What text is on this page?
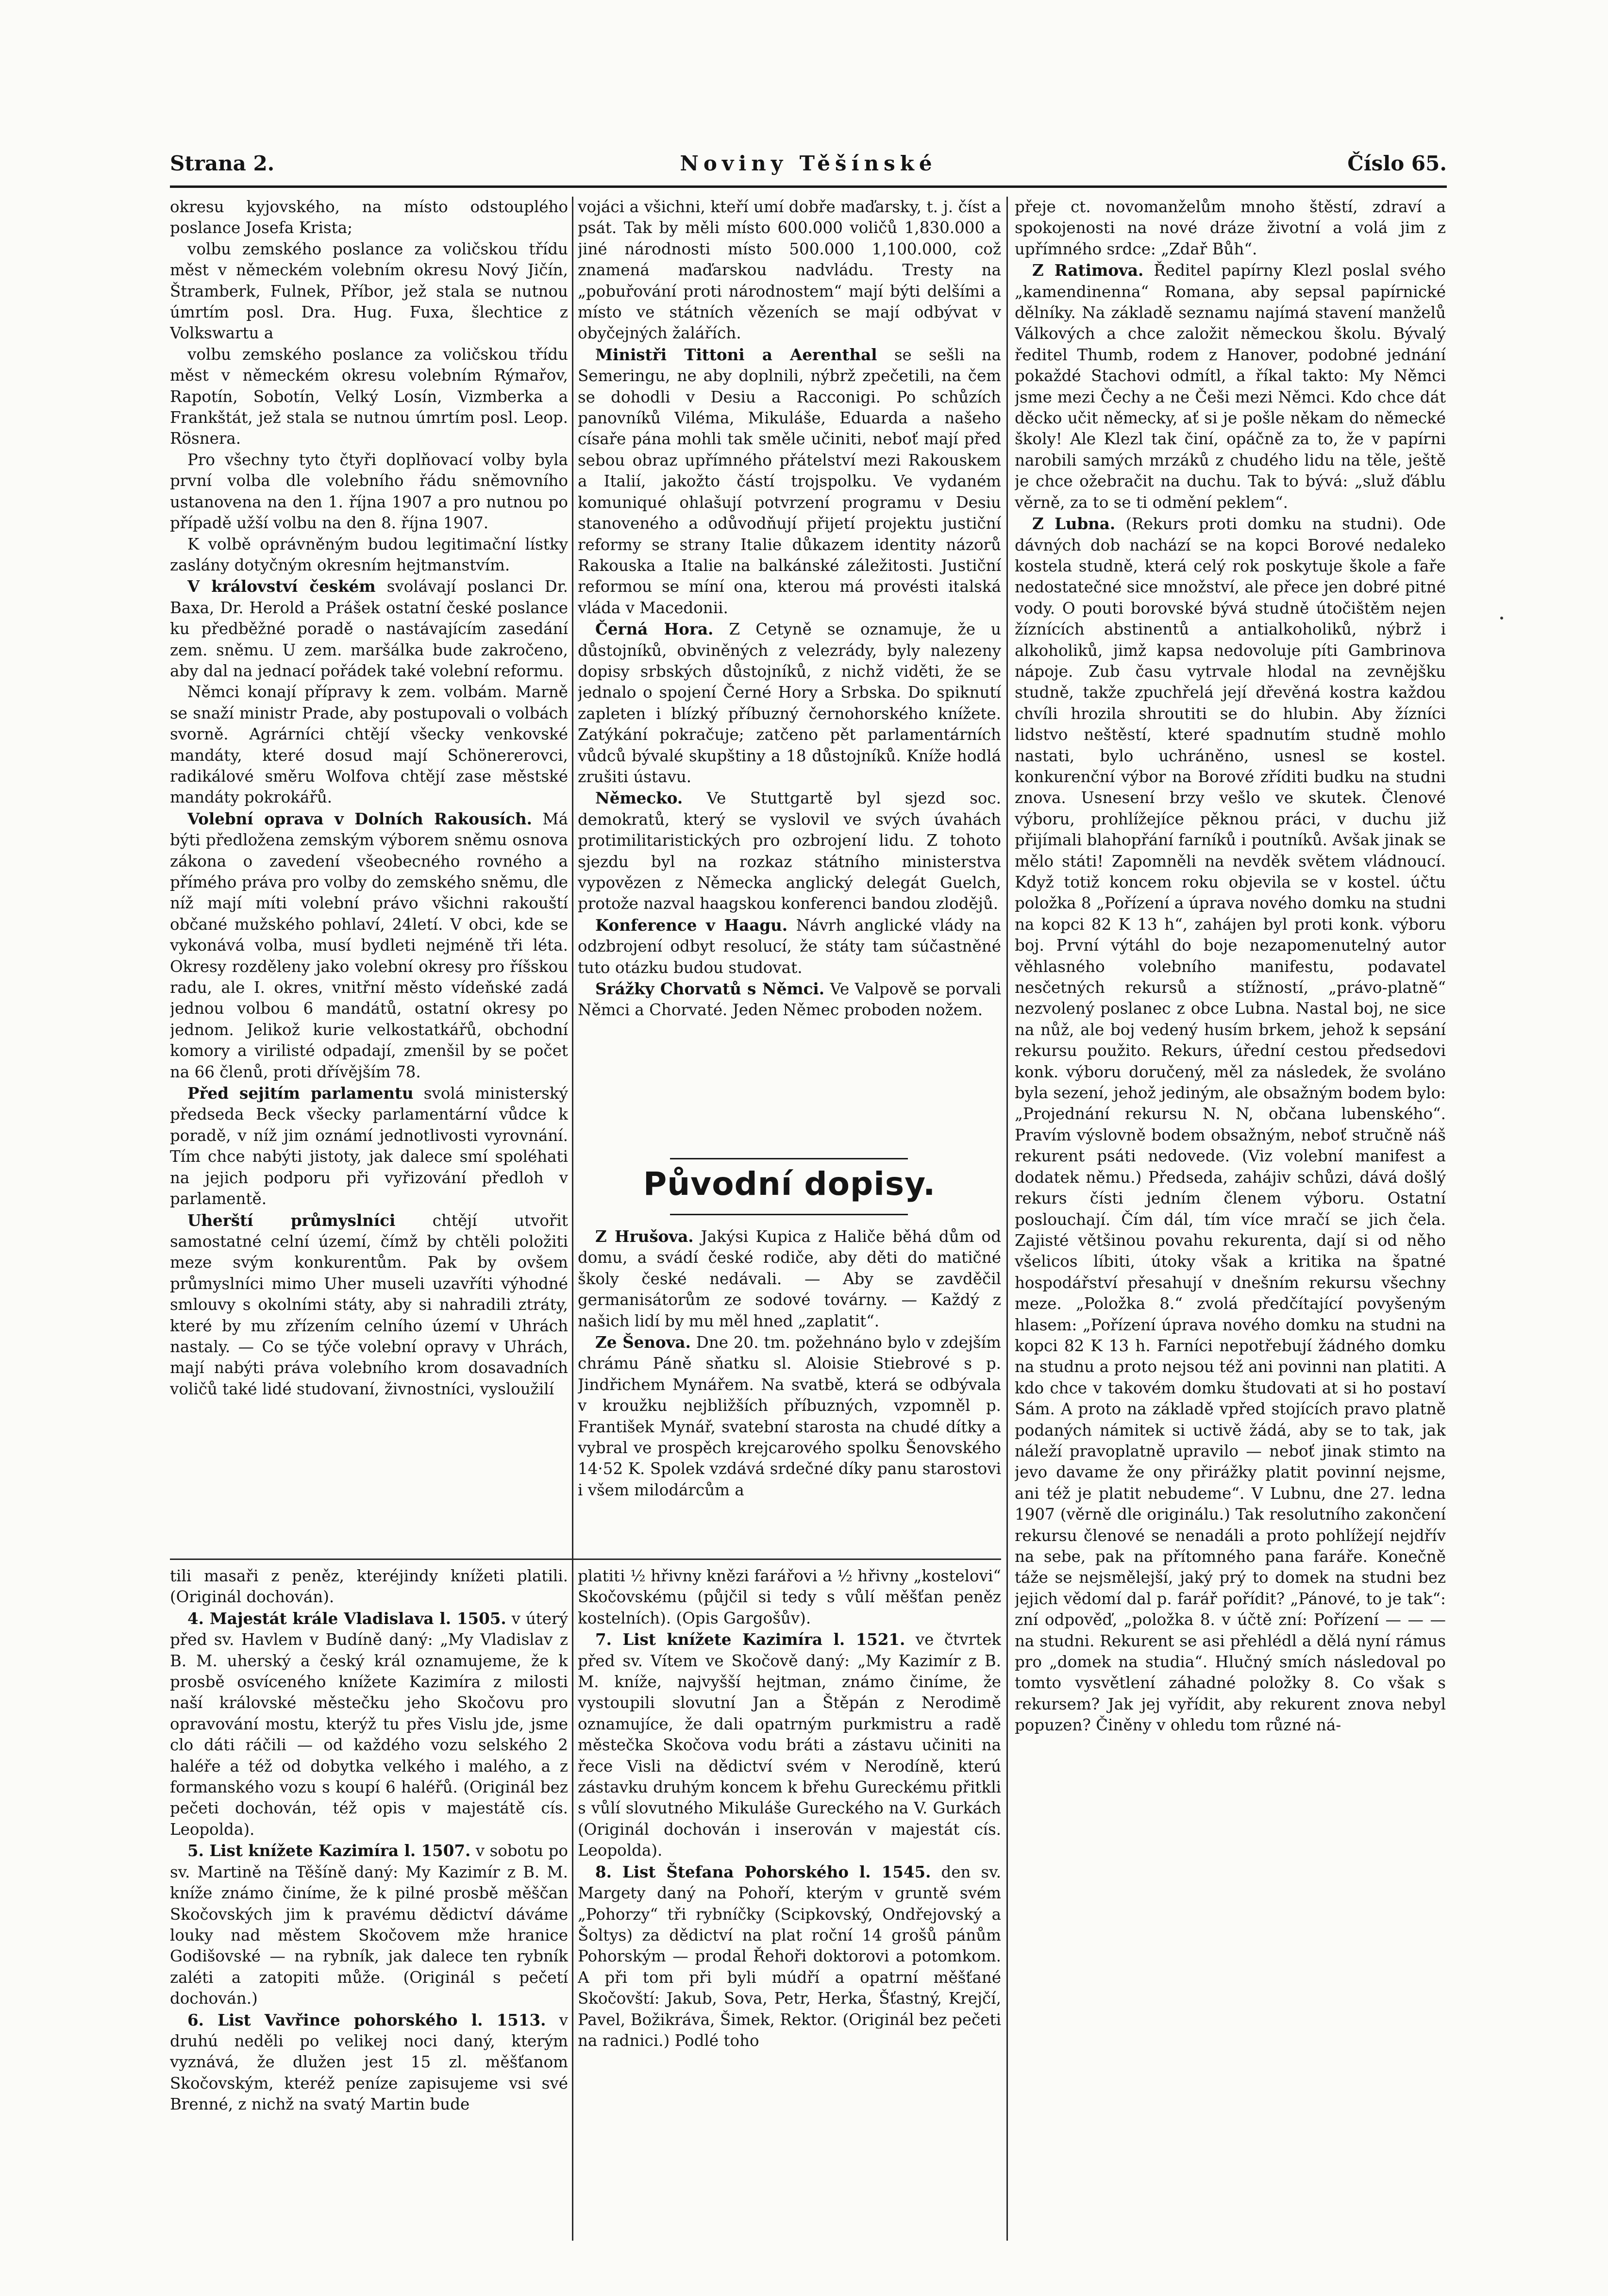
Strana 2.	Noviny Těšínské	Číslo 65.

okresu kyjovského, na místo odstouplého poslance Josefa Krista;

volbu zemského poslance za voličskou třídu měst v německém volebním okresu Nový Jičín, Štramberk, Fulnek, Příbor, jež stala se nutnou úmrtím posl. Dra. Hug. Fuxa, šlechtice z Volkswartu a

volbu zemského poslance za voličskou třídu měst v německém okresu volebním Rýmařov, Rapotín, Sobotín, Velký Losín, Vizmberka a Frankštát, jež stala se nutnou úmrtím posl. Leop. Rösnera.

Pro všechny tyto čtyři doplňovací volby byla první volba dle volebního řádu sněmovního ustanovena na den 1. října 1907 a pro nutnou po případě užší volbu na den 8. října 1907.

K volbě oprávněným budou legitimační lístky zaslány dotyčným okresním hejtmanstvím.

V království českém svolávají poslanci Dr. Baxa, Dr. Herold a Prášek ostatní české poslance ku předběžné poradě o nastávajícím zasedání zem. sněmu. U zem. maršálka bude zakročeno, aby dal na jednací pořádek také volební reformu.

Němci konají přípravy k zem. volbám. Marně se snaží ministr Prade, aby postupovali o volbách svorně. Agrárníci chtějí všecky venkovské mandáty, které dosud mají Schönererovci, radikálové směru Wolfova chtějí zase městské mandáty pokrokářů.

Volební oprava v Dolních Rakousích. Má býti předložena zemským výborem sněmu osnova zákona o zavedení všeobecného rovného a přímého práva pro volby do zemského sněmu, dle níž mají míti volební právo všichni rakouští občané mužského pohlaví, 24letí. V obci, kde se vykonává volba, musí bydleti nejméně tři léta. Okresy rozděleny jako volební okresy pro říšskou radu, ale I. okres, vnitřní město vídeňské zadá jednou volbou 6 mandátů, ostatní okresy po jednom. Jelikož kurie velkostatkářů, obchodní komory a virilisté odpadají, zmenšil by se počet na 66 členů, proti dřívějším 78.

Před sejitím parlamentu svolá ministerský předseda Beck všecky parlamentární vůdce k poradě, v níž jim oznámí jednotlivosti vyrovnání. Tím chce nabýti jistoty, jak dalece smí spoléhati na jejich podporu při vyřizování předloh v parlamentě.

Uherští průmyslníci chtějí utvořit samostatné celní území, čímž by chtěli položiti meze svým konkurentům. Pak by ovšem průmyslníci mimo Uher museli uzavříti výhodné smlouvy s okolními státy, aby si nahradili ztráty, které by mu zřízením celního území v Uhrách nastaly. — Co se týče volební opravy v Uhrách, mají nabýti práva volebního krom dosavadních voličů také lidé studovaní, živnostníci, vysloužilí

vojáci a všichni, kteří umí dobře maďarsky, t. j. číst a psát. Tak by měli místo 600.000 voličů 1,830.000 a jiné národnosti místo 500.000 1,100.000, což znamená maďarskou nadvládu. Tresty na „pobuřování proti národnostem“ mají býti delšími a místo ve státních vězeních se mají odbývat v obyčejných žalářích.

Ministři Tittoni a Aerenthal se sešli na Semeringu, ne aby doplnili, nýbrž zpečetili, na čem se dohodli v Desiu a Racconigi. Po schůzích panovníků Viléma, Mikuláše, Eduarda a našeho císaře pána mohli tak směle učiniti, neboť mají před sebou obraz upřímného přátelství mezi Rakouskem a Italií, jakožto částí trojspolku. Ve vydaném komuniqué ohlašují potvrzení programu v Desiu stanoveného a odůvodňují přijetí projektu justiční reformy se strany Italie důkazem identity názorů Rakouska a Italie na balkánské záležitosti. Justiční reformou se míní ona, kterou má provésti italská vláda v Macedonii.

Černá Hora. Z Cetyně se oznamuje, že u důstojníků, obviněných z velezrády, byly nalezeny dopisy srbských důstojníků, z nichž viděti, že se jednalo o spojení Černé Hory a Srbska. Do spiknutí zapleten i blízký příbuzný černohorského knížete. Zatýkání pokračuje; zatčeno pět parlamentárních vůdců bývalé skupštiny a 18 důstojníků. Kníže hodlá zrušiti ústavu.

Německo. Ve Stuttgartě byl sjezd soc. demokratů, který se vyslovil ve svých úvahách protimilitaristických pro ozbrojení lidu. Z tohoto sjezdu byl na rozkaz státního ministerstva vypovězen z Německa anglický delegát Guelch, protože nazval haagskou konferenci bandou zlodějů.

Konference v Haagu. Návrh anglické vlády na odzbrojení odbyt resolucí, že státy tam súčastněné tuto otázku budou studovat.

Srážky Chorvatů s Němci. Ve Valpově se porvali Němci a Chorvaté. Jeden Němec proboden nožem.

Původní dopisy.

Z Hrušova. Jakýsi Kupica z Haliče běhá dům od domu, a svádí české rodiče, aby děti do matičné školy české nedávali. — Aby se zavděčil germanisátorům ze sodové továrny. — Každý z našich lidí by mu měl hned „zaplatit“.

Ze Šenova. Dne 20. tm. požehnáno bylo v zdejším chrámu Páně sňatku sl. Aloisie Stiebrové s p. Jindřichem Mynářem. Na svatbě, která se odbývala v kroužku nejbližších příbuzných, vzpomněl p. František Mynář, svatební starosta na chudé dítky a vybral ve prospěch krejcarového spolku Šenovského 14·52 K. Spolek vzdává srdečné díky panu starostovi i všem milodárcům a

přeje ct. novomanželům mnoho štěstí, zdraví a spokojenosti na nové dráze životní a volá jim z upřímného srdce: „Zdař Bůh“.

Z Ratimova. Ředitel papírny Klezl poslal svého „kamendinenna“ Romana, aby sepsal papírnické dělníky. Na základě seznamu najímá stavení manželů Válkových a chce založit německou školu. Bývalý ředitel Thumb, rodem z Hanover, podobné jednání pokaždé Stachovi odmítl, a říkal takto: My Němci jsme mezi Čechy a ne Češi mezi Němci. Kdo chce dát děcko učit německy, ať si je pošle někam do německé školy! Ale Klezl tak činí, opáčně za to, že v papírni narobili samých mrzáků z chudého lidu na těle, ještě je chce ožebračit na duchu. Tak to bývá: „služ ďáblu věrně, za to se ti odmění peklem“.

Z Lubna. (Rekurs proti domku na studni). Ode dávných dob nachází se na kopci Borové nedaleko kostela studně, která celý rok poskytuje škole a faře nedostatečné sice množství, ale přece jen dobré pitné vody. O pouti borovské bývá studně útočištěm nejen žíznících abstinentů a antialkoholiků, nýbrž i alkoholiků, jimž kapsa nedovoluje píti Gambrinova nápoje. Zub času vytrvale hlodal na zevnějšku studně, takže zpuchřelá její dřevěná kostra každou chvíli hrozila shroutiti se do hlubin. Aby žízníci lidstvo neštěstí, které spadnutím studně mohlo nastati, bylo uchráněno, usnesl se kostel. konkurenční výbor na Borové zříditi budku na studni znova. Usnesení brzy vešlo ve skutek. Členové výboru, prohlížejíce pěknou práci, v duchu již přijímali blahopřání farníků i poutníků. Avšak jinak se mělo státi! Zapomněli na nevděk světem vládnoucí. Když totiž koncem roku objevila se v kostel. účtu položka 8 „Pořízení a úprava nového domku na studni na kopci 82 K 13 h“, zahájen byl proti konk. výboru boj. První výtáhl do boje nezapomenutelný autor věhlasného volebního manifestu, podavatel nesčetných rekursů a stížností, „právo-platně“ nezvolený poslanec z obce Lubna. Nastal boj, ne sice na nůž, ale boj vedený husím brkem, jehož k sepsání rekursu použito. Rekurs, úřední cestou předsedovi konk. výboru doručený, měl za následek, že svoláno byla sezení, jehož jediným, ale obsažným bodem bylo: „Projednání rekursu N. N, občana lubenského“. Pravím výslovně bodem obsažným, neboť stručně náš rekurent psáti nedovede. (Viz volební manifest a dodatek němu.) Předseda, zahájiv schůzi, dává došlý rekurs čísti jedním členem výboru. Ostatní poslouchají. Čím dál, tím více mračí se jich čela. Zajisté většinou povahu rekurenta, dají si od něho všelicos líbiti, útoky však a kritika na špatné hospodářství přesahují v dnešním rekursu všechny meze. „Položka 8.“ zvolá předčítající povyšeným hlasem: „Pořízení úprava nového domku na studni na kopci 82 K 13 h. Farníci nepotřebují žádného domku na studnu a proto nejsou též ani povinni nan platiti. A kdo chce v takovém domku študovati at si ho postaví Sám. A proto na základě vpřed stojících pravo platně podaných námitek si uctivě žádá, aby se to tak, jak náleží pravoplatně upravilo — neboť jinak stimto na jevo davame že ony přirážky platit povinní nejsme, ani též je platit nebudeme“. V Lubnu, dne 27. ledna 1907 (věrně dle originálu.) Tak resolutního zakončení rekursu členové se nenadáli a proto pohlížejí nejdřív na sebe, pak na přítomného pana faráře. Konečně táže se nejsmělejší, jaký prý to domek na studni bez jejich vědomí dal p. farář pořídit? „Pánové, to je tak“: zní odpověď, „položka 8. v účtě zní: Pořízení — — — na studni. Rekurent se asi přehlédl a dělá nyní rámus pro „domek na studia“. Hlučný smích následoval po tomto vysvětlení záhadné položky 8. Co však s rekursem? Jak jej vyřídit, aby rekurent znova nebyl popuzen? Činěny v ohledu tom různé ná-

tili masaři z peněz, kteréjindy knížeti platili. (Originál dochován).

4. Majestát krále Vladislava l. 1505. v úterý před sv. Havlem v Budíně daný: „My Vladislav z B. M. uherský a český král oznamujeme, že k prosbě osvíceného knížete Kazimíra z milosti naší královské městečku jeho Skočovu pro opravování mostu, kterýž tu přes Vislu jde, jsme clo dáti ráčili — od každého vozu selského 2 haléře a též od dobytka velkého i malého, a z formanského vozu s koupí 6 haléřů. (Originál bez pečeti dochován, též opis v majestátě cís. Leopolda).

5. List knížete Kazimíra l. 1507. v sobotu po sv. Martině na Těšíně daný: My Kazimír z B. M. kníže známo činíme, že k pilné prosbě měščan Skočovských jim k pravému dědictví dáváme louky nad městem Skočovem mže hranice Godišovské — na rybník, jak dalece ten rybník zaléti a zatopiti může. (Originál s pečetí dochován.)

6. List Vavřince pohorského l. 1513. v druhú neděli po velikej noci daný, kterým vyznává, že dlužen jest 15 zl. měšťanom Skočovským, kteréž peníze zapisujeme vsi své Brenné, z nichž na svatý Martin bude

platiti ½ hřivny knězi farářovi a ½ hřivny „kostelovi“ Skočovskému (půjčil si tedy s vůlí měšťan peněz kostelních). (Opis Gargošův).

7. List knížete Kazimíra l. 1521. ve čtvrtek před sv. Vítem ve Skočově daný: „My Kazimír z B. M. kníže, najvyšší hejtman, známo činíme, že vystoupili slovutní Jan a Štěpán z Nerodimě oznamujíce, že dali opatrným purkmistru a radě městečka Skočova vodu bráti a zástavu učiniti na řece Visli na dědictví svém v Nerodíně, kterú zástavku druhým koncem k břehu Gureckému přitkli s vůlí slovutného Mikuláše Gureckého na V. Gurkách (Originál dochován i inserován v majestát cís. Leopolda).

8. List Štefana Pohorského l. 1545. den sv. Margety daný na Pohoří, kterým v gruntě svém „Pohorzy“ tři rybníčky (Scipkovský, Ondřejovský a Šoltys) za dědictví na plat roční 14 grošů pánům Pohorským — prodal Řehoři doktorovi a potomkom. A při tom při byli múdří a opatrní měšťané Skočovští: Jakub, Sova, Petr, Herka, Šťastný, Krejčí, Pavel, Božikráva, Šimek, Rektor. (Originál bez pečeti na radnici.) Podlé toho
